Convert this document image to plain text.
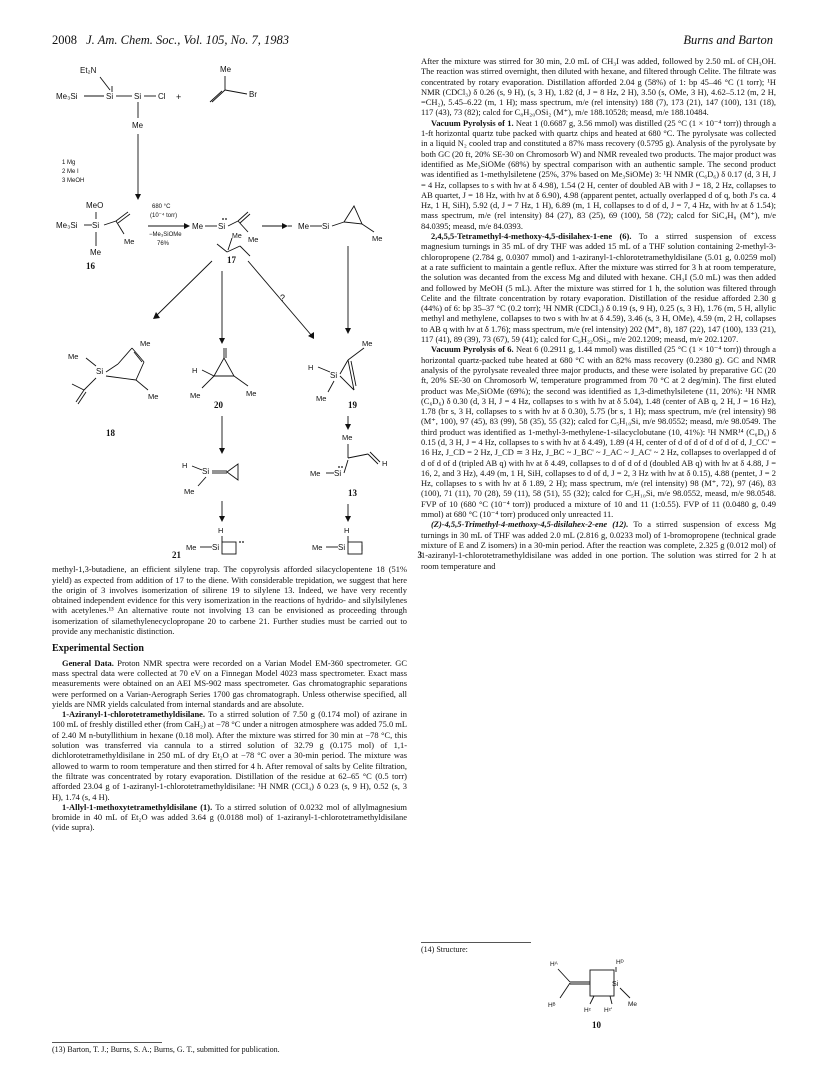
2008 J. Am. Chem. Soc., Vol. 105, No. 7, 1983	Burns and Barton
Et₂N
Me₃Si	Si	Si Cl
Me
+
Me
Br
1 Mg
2 Me I
3 MeOH
MeO
Me₃Si Si
Me
Me
16
680 °C
(10⁻⁴ torr)
−Me₃SiOMe
76%
Me Si
Me
17
Me Si
Me
Me
?
Me
Si
Me
Me
18
H
Me	Me
20
H
Si
Me
Me
19
H
Si
Me
Me
H
Me Si
13
H
Me Si
H
Me Si
21	3

methyl-1,3-butadiene, an efficient silylene trap. The copyrolysis afforded silacyclopentene 18 (51% yield) as expected from addition of 17 to the diene. With considerable trepidation, we suggest that here the origin of 3 involves isomerization of silirene 19 to silylene 13. Indeed, we have very recently obtained independent evidence for this very isomerization in the reactions of hydrido- and silylsilylenes with acetylenes.¹³ An alternative route not involving 13 can be envisioned as proceeding through isomerization of silamethylenecyclopropane 20 to carbene 21. Further studies must be carried out to provide any mechanistic distinction.

Experimental Section

General Data. Proton NMR spectra were recorded on a Varian Model EM-360 spectrometer. GC mass spectral data were collected at 70 eV on a Finnegan Model 4023 mass spectrometer. Exact mass measurements were obtained on an AEI MS-902 mass spectrometer. Gas chromatographic separations were performed on a Varian-Aerograph Series 1700 gas chromatograph. Unless otherwise specified, all yields are NMR yields calculated from internal standards and are absolute.

1-Aziranyl-1-chlorotetramethyldisilane. To a stirred solution of 7.50 g (0.174 mol) of azirane in 100 mL of freshly distilled ether (from CaH₂) at −78 °C under a nitrogen atmosphere was added 75.0 mL of 2.40 M n-butyllithium in hexane (0.18 mol). After the mixture was stirred for 30 min at −78 °C, this solution was transferred via cannula to a stirred solution of 32.79 g (0.175 mol) of 1,1-dichlorotetramethyldisilane in 250 mL of dry Et₂O at −78 °C over a 30-min period. The mixture was allowed to warm to room temperature and then stirred for 4 h. After removal of salts by Celite filtration, the filtrate was concentrated by rotary evaporation. Distillation of the residue at 62–65 °C (0.5 torr) afforded 23.04 g of 1-aziranyl-1-chlorotetramethyldisilane: ¹H NMR (CCl₄) δ 0.23 (s, 9 H), 0.52 (s, 3 H), 1.74 (s, 4 H).

1-Allyl-1-methoxytetramethyldisilane (1). To a stirred solution of 0.0232 mol of allylmagnesium bromide in 40 mL of Et₂O was added 3.64 g (0.0188 mol) of 1-aziranyl-1-chlorotetramethyldisilane (vide supra).

(13) Barton, T. J.; Burns, S. A.; Burns, G. T., submitted for publication.

After the mixture was stirred for 30 min, 2.0 mL of CH₃I was added, followed by 2.50 mL of CH₃OH. The reaction was stirred overnight, then diluted with hexane, and filtered through Celite. The filtrate was concentrated by rotary evaporation. Distillation afforded 2.04 g (58%) of 1: bp 45–46 °C (1 torr); ¹H NMR (CDCl₃) δ 0.26 (s, 9 H), (s, 3 H), 1.82 (d, J = 8 Hz, 2 H), 3.50 (s, OMe, 3 H), 4.62–5.12 (m, 2 H, =CH₂), 5.45–6.22 (m, 1 H); mass spectrum, m/e (rel intensity) 188 (7), 173 (21), 147 (100), 131 (18), 117 (43), 73 (82); calcd for C₈H₂₀OSi₂ (M⁺), m/e 188.10528; measd, m/e 188.10484.

Vacuum Pyrolysis of 1. Neat 1 (0.6687 g, 3.56 mmol) was distilled (25 °C (1 × 10⁻⁴ torr)) through a 1-ft horizontal quartz tube packed with quartz chips and heated at 680 °C. The pyrolysate was collected in a liquid N₂ cooled trap and constituted a 87% mass recovery (0.5795 g). Analysis of the pyrolysate by both GC (20 ft, 20% SE-30 on Chromosorb W) and NMR revealed two products. The major product was identified as Me₃SiOMe (68%) by spectral comparison with an authentic sample. The second product was identified as 1-methylsiletene (25%, 37% based on Me₃SiOMe) 3: ¹H NMR (C₆D₆) δ 0.17 (d, 3 H, J = 4 Hz, collapses to s with hν at δ 4.98), 1.54 (2 H, center of doubled AB with J = 18, 2 Hz, collapses to AB quartet, J = 18 Hz, with hν at δ 6.90), 4.98 (apparent pentet, actually overlapped d of q, both J's ca. 4 Hz, 1 H, SiH), 5.92 (d, J = 7 Hz, 1 H), 6.89 (m, 1 H, collapses to d of d, J = 7, 4 Hz, with hν at δ 1.54); mass spectrum, m/e (rel intensity) 84 (27), 83 (25), 69 (100), 58 (72); calcd for SiC₄H₈ (M⁺), m/e 84.0395; measd, m/e 84.0393.

2,4,5,5-Tetramethyl-4-methoxy-4,5-disilahex-1-ene (6). To a stirred suspension of excess magnesium turnings in 35 mL of dry THF was added 15 mL of a THF solution containing 2-methyl-3-chloropropene (2.784 g, 0.0307 mmol) and 1-aziranyl-1-chlorotetramethyldisilane (5.01 g, 0.0259 mol) at a rate sufficient to maintain a gentle reflux. After the mixture was stirred for 3 h at room temperature, the solution was decanted from the excess Mg and diluted with hexane. CH₃I (5.0 mL) was then added and followed by MeOH (5 mL). After the mixture was stirred for 1 h, the solution was filtered through Celite and the filtrate concentration by rotary evaporation. Distillation of the residue afforded 2.30 g (44%) of 6: bp 35–37 °C (0.2 torr); ¹H NMR (CDCl₃) δ 0.19 (s, 9 H), 0.25 (s, 3 H), 1.76 (m, 5 H, allylic methyl and methylene, collapses to two s with hν at δ 4.59), 3.46 (s, 3 H, OMe), 4.59 (m, 2 H, collapses to AB q with hν at δ 1.76); mass spectrum, m/e (rel intensity) 202 (M⁺, 8), 187 (22), 147 (100), 133 (21), 117 (41), 89 (39), 73 (67), 59 (41); calcd for C₉H₂₂OSi₂, m/e 202.1209; measd, m/e 202.1207.

Vacuum Pyrolysis of 6. Neat 6 (0.2911 g, 1.44 mmol) was distilled (25 °C (1 × 10⁻⁴ torr)) through a horizontal quartz-packed tube heated at 680 °C with an 82% mass recovery (0.2380 g). GC and NMR analysis of the pyrolysate revealed three major products, and these were isolated by preparative GC (20 ft, 20% SE-30 on Chromosorb W, temperature programmed from 70 °C at 2 deg/min). The first eluted product was Me₃SiOMe (69%); the second was identified as 1,3-dimethylsiletene (11, 20%): ¹H NMR (C₆D₆) δ 0.30 (d, 3 H, J = 4 Hz, collapses to s with hν at δ 5.04), 1.48 (center of AB q, 2 H, J = 16 Hz), 1.78 (br s, 3 H, collapses to s with hν at δ 0.30), 5.75 (br s, 1 H); mass spectrum, m/e (rel intensity) 98 (M⁺, 100), 97 (45), 83 (99), 58 (35), 55 (32); calcd for C₅H₁₀Si, m/e 98.0552; measd, m/e 98.0549. The third product was identified as 1-methyl-3-methylene-1-silacyclobutane (10, 41%): ¹H NMR¹⁴ (C₆D₆) δ 0.15 (d, 3 H, J = 4 Hz, collapses to s with hν at δ 4.49), 1.89 (4 H, center of d of d of d of d of d, J_CC' = 16 Hz, J_CD = 2 Hz, J_CD ≃ 3 Hz, J_BC ~ J_BC' ~ J_AC ~ J_AC' ~ 2 Hz, collapses to overlapped d of d of d of d (tripled AB q) with hν at δ 4.49, collapses to d of d of d (doubled AB q) with hν at δ 4.88, J = 16, 2, and 3 Hz), 4.49 (m, 1 H, SiH, collapses to d of d, J = 2, 3 Hz with hν at δ 0.15), 4.88 (pentet, J = 2 Hz, collapses to s with hν at δ 1.89, 2 H); mass spectrum, m/e (rel intensity) 98 (M⁺, 72), 97 (46), 83 (100), 71 (11), 70 (28), 59 (11), 58 (51), 55 (32); calcd for C₅H₁₀Si, m/e 98.0552, measd, m/e 98.0548. FVP of 10 (680 °C (10⁻⁴ torr)) produced a mixture of 10 and 11 (1:0.55). FVP of 11 (0.0480 g, 0.49 mmol) at 680 °C (10⁻⁴ torr) produced only unreacted 11.

(Z)-4,5,5-Trimethyl-4-methoxy-4,5-disilahex-2-ene (12). To a stirred suspension of excess Mg turnings in 30 mL of THF was added 2.0 mL (2.816 g, 0.0233 mol) of 1-bromopropene (technical grade mixture of E and Z isomers) in a 30-min period. After the reaction was complete, 2.325 g (0.012 mol) of 1-aziranyl-1-chlorotetramethyldisilane was added in one portion. The solution was stirred for 2 h at room temperature and

(14) Structure:

Hᴬ
Hᴮ
Hᶜ Hᶜ'
Hᴰ
Si
Me
10
